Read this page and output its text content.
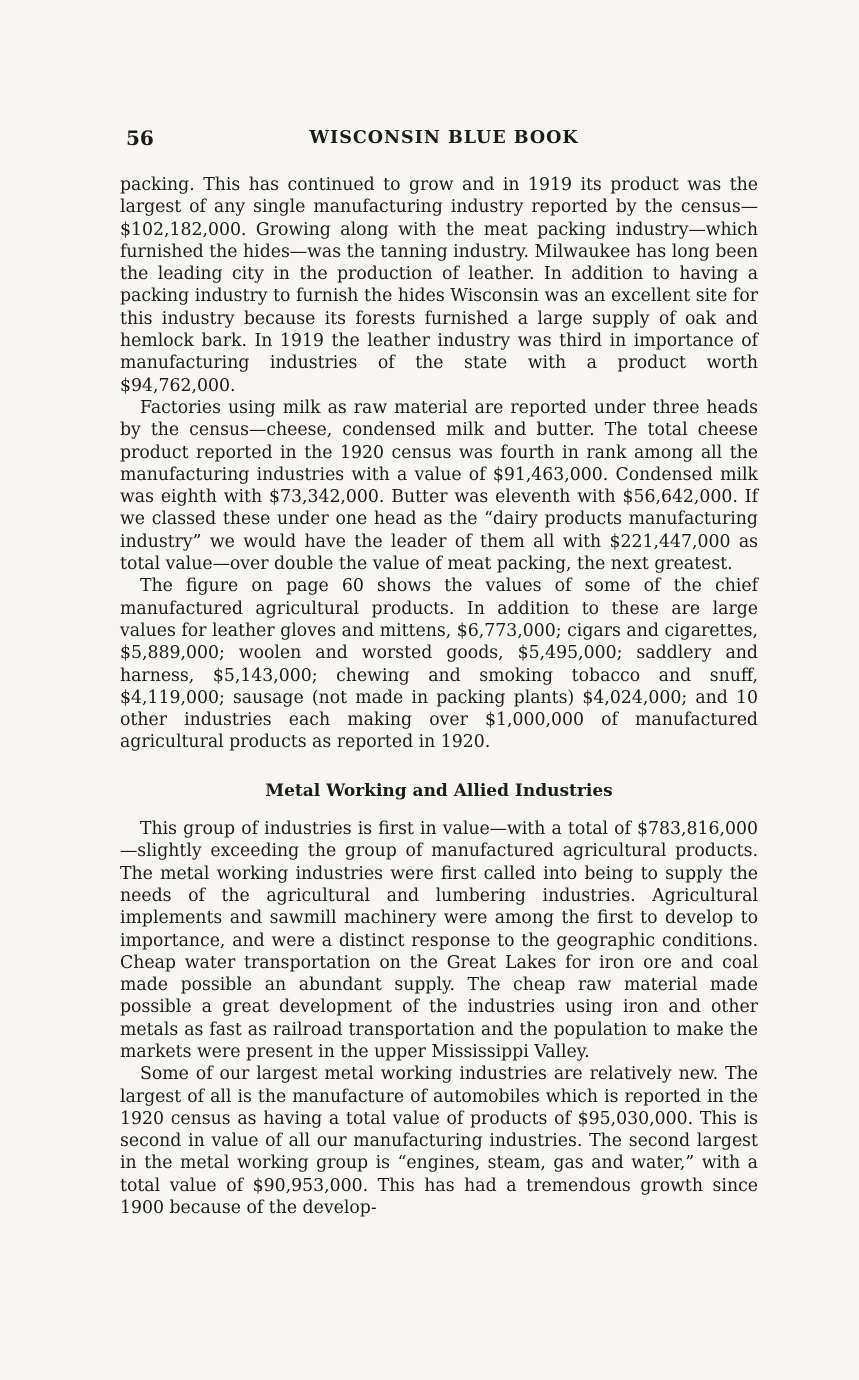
56	WISCONSIN BLUE BOOK

packing. This has continued to grow and in 1919 its product was the largest of any single manufacturing industry reported by the census—$102,182,000. Growing along with the meat packing industry—which furnished the hides—was the tanning industry. Milwaukee has long been the leading city in the production of leather. In addition to having a packing industry to furnish the hides Wisconsin was an excellent site for this industry because its forests furnished a large supply of oak and hemlock bark. In 1919 the leather industry was third in importance of manufacturing industries of the state with a product worth $94,762,000.

Factories using milk as raw material are reported under three heads by the census—cheese, condensed milk and butter. The total cheese product reported in the 1920 census was fourth in rank among all the manufacturing industries with a value of $91,463,000. Condensed milk was eighth with $73,342,000. Butter was eleventh with $56,642,000. If we classed these under one head as the “dairy products manufacturing industry” we would have the leader of them all with $221,447,000 as total value—over double the value of meat packing, the next greatest.

The figure on page 60 shows the values of some of the chief manufactured agricultural products. In addition to these are large values for leather gloves and mittens, $6,773,000; cigars and cigarettes, $5,889,000; woolen and worsted goods, $5,495,000; saddlery and harness, $5,143,000; chewing and smoking tobacco and snuff, $4,119,000; sausage (not made in packing plants) $4,024,000; and 10 other industries each making over $1,000,000 of manufactured agricultural products as reported in 1920.

Metal Working and Allied Industries

This group of industries is first in value—with a total of $783,816,000—slightly exceeding the group of manufactured agricultural products. The metal working industries were first called into being to supply the needs of the agricultural and lumbering industries. Agricultural implements and sawmill machinery were among the first to develop to importance, and were a distinct response to the geographic conditions. Cheap water transportation on the Great Lakes for iron ore and coal made possible an abundant supply. The cheap raw material made possible a great development of the industries using iron and other metals as fast as railroad transportation and the population to make the markets were present in the upper Mississippi Valley.

Some of our largest metal working industries are relatively new. The largest of all is the manufacture of automobiles which is reported in the 1920 census as having a total value of products of $95,030,000. This is second in value of all our manufacturing industries. The second largest in the metal working group is “engines, steam, gas and water,” with a total value of $90,953,000. This has had a tremendous growth since 1900 because of the develop-
